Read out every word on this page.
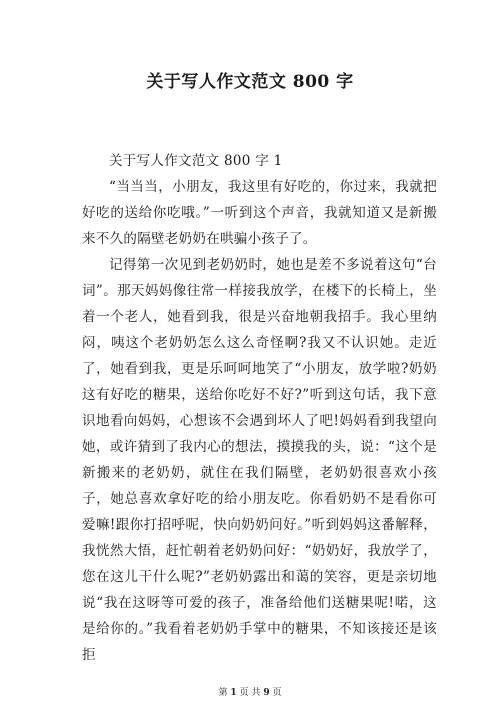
关于写人作文范文 800 字

关于写人作文范文 800 字 1

“当当当，小朋友，我这里有好吃的，你过来，我就把好吃的送给你吃哦。”一听到这个声音，我就知道又是新搬来不久的隔壁老奶奶在哄骗小孩子了。

记得第一次见到老奶奶时，她也是差不多说着这句“台词”。那天妈妈像往常一样接我放学，在楼下的长椅上，坐着一个老人，她看到我，很是兴奋地朝我招手。我心里纳闷，咦这个老奶奶怎么这么奇怪啊?我又不认识她。走近了，她看到我，更是乐呵呵地笑了“小朋友，放学啦?奶奶这有好吃的糖果，送给你吃好不好?”听到这句话，我下意识地看向妈妈，心想该不会遇到坏人了吧!妈妈看到我望向她，或许猜到了我内心的想法，摸摸我的头，说：“这个是新搬来的老奶奶，就住在我们隔壁，老奶奶很喜欢小孩子，她总喜欢拿好吃的给小朋友吃。你看奶奶不是看你可爱嘛!跟你打招呼呢，快向奶奶问好。”听到妈妈这番解释，我恍然大悟，赶忙朝着老奶奶问好：“奶奶好，我放学了，您在这儿干什么呢?”老奶奶露出和蔼的笑容，更是亲切地说“我在这呀等可爱的孩子，准备给他们送糖果呢!喏，这是给你的。”我看着老奶奶手掌中的糖果，不知该接还是该拒

第 1 页 共 9 页
